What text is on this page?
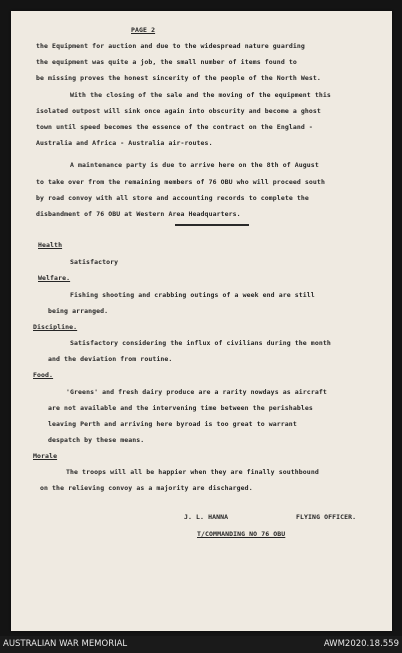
PAGE 2
the Equipment for auction and due to the widespread nature guarding
the equipment was quite a job, the small number of items found to
be missing proves the honest sincerity of the people of the North West.
With the closing of the sale and the moving of the equipment this
isolated outpost will sink once again into obscurity and become a ghost
town until speed becomes the essence of the contract on the England -
Australia and Africa - Australia air-routes.
A maintenance party is due to arrive here on the 8th of August
to take over from the remaining members of 76 OBU who will proceed south
by road convoy with all store and accounting records to complete the
disbandment of 76 OBU at Western Area Headquarters.
Health
Satisfactory
Welfare.
Fishing shooting and crabbing outings of a week end are still
being arranged.
Discipline.
Satisfactory considering the influx of civilians during the month
and the deviation from routine.
Food.
'Greens' and fresh dairy produce are a rarity nowdays as aircraft
are not available and the intervening time between the perishables
leaving Perth and arriving here byroad is too great to warrant
despatch by these means.
Morale
The troops will all be happier when they are finally southbound
on the relieving convoy as a majority are discharged.
J. L. HANNA	FLYING OFFICER.
T/COMMANDING NO 76 OBU
AUSTRALIAN WAR MEMORIAL	AWM2020.18.559
